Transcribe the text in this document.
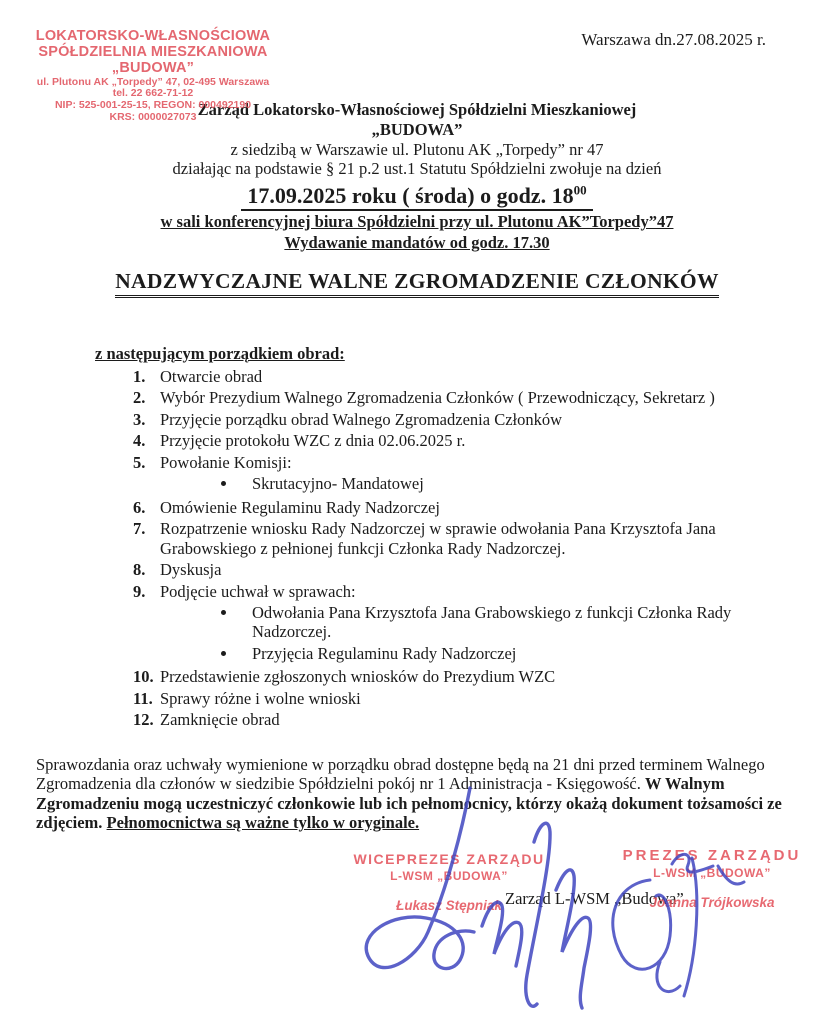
Warszawa dn.27.08.2025 r.
LOKATORSKO-WŁASNOŚCIOWA
SPÓŁDZIELNIA MIESZKANIOWA
„BUDOWA”
ul. Plutonu AK „Torpedy” 47, 02-495 Warszawa
tel. 22 662-71-12
NIP: 525-001-25-15, REGON: 000492190
KRS: 0000027073 Zarząd Lokatorsko-Własnościowej Spółdzielni Mieszkaniowej
„BUDOWA”
z siedzibą w Warszawie ul. Plutonu AK „Torpedy” nr 47
działając na podstawie § 21 p.2 ust.1 Statutu Spółdzielni zwołuje na dzień
17.09.2025 roku ( środa) o godz. $18^{00}$
w sali konferencyjnej biura Spółdzielni przy ul. Plutonu AK”Torpedy”47
Wydawanie mandatów od godz. 17.30
NADZWYCZAJNE WALNE ZGROMADZENIE CZŁONKÓW
z następującym porządkiem obrad:
1. Otwarcie obrad
2. Wybór Prezydium Walnego Zgromadzenia Członków ( Przewodniczący, Sekretarz )
3. Przyjęcie porządku obrad Walnego Zgromadzenia Członków
4. Przyjęcie protokołu WZC z dnia 02.06.2025 r.
5. Powołanie Komisji:
• Skrutacyjno- Mandatowej
6. Omówienie Regulaminu Rady Nadzorczej
7. Rozpatrzenie wniosku Rady Nadzorczej w sprawie odwołania Pana Krzysztofa Jana Grabowskiego z pełnionej funkcji Członka Rady Nadzorczej.
8. Dyskusja
9. Podjęcie uchwał w sprawach:
• Odwołania Pana Krzysztofa Jana Grabowskiego z funkcji Członka Rady Nadzorczej.
• Przyjęcia Regulaminu Rady Nadzorczej
10. Przedstawienie zgłoszonych wniosków do Prezydium WZC
11. Sprawy różne i wolne wnioski
12. Zamknięcie obrad
Sprawozdania oraz uchwały wymienione w porządku obrad dostępne będą na 21 dni przed terminem Walnego Zgromadzenia dla członów w siedzibie Spółdzielni pokój nr 1 Administracja - Księgowość. W Walnym Zgromadzeniu mogą uczestniczyć członkowie lub ich pełnomocnicy, którzy okażą dokument tożsamości ze zdjęciem. Pełnomocnictwa są ważne tylko w oryginale.
Zarząd L-WSM „Budowa”
WICEPREZES ZARZĄDU
L-WSM „BUDOWA”
Łukasz Stępniak
PREZES ZARZĄDU
L-WSM „BUDOWA”
Joanna Trójkowska
